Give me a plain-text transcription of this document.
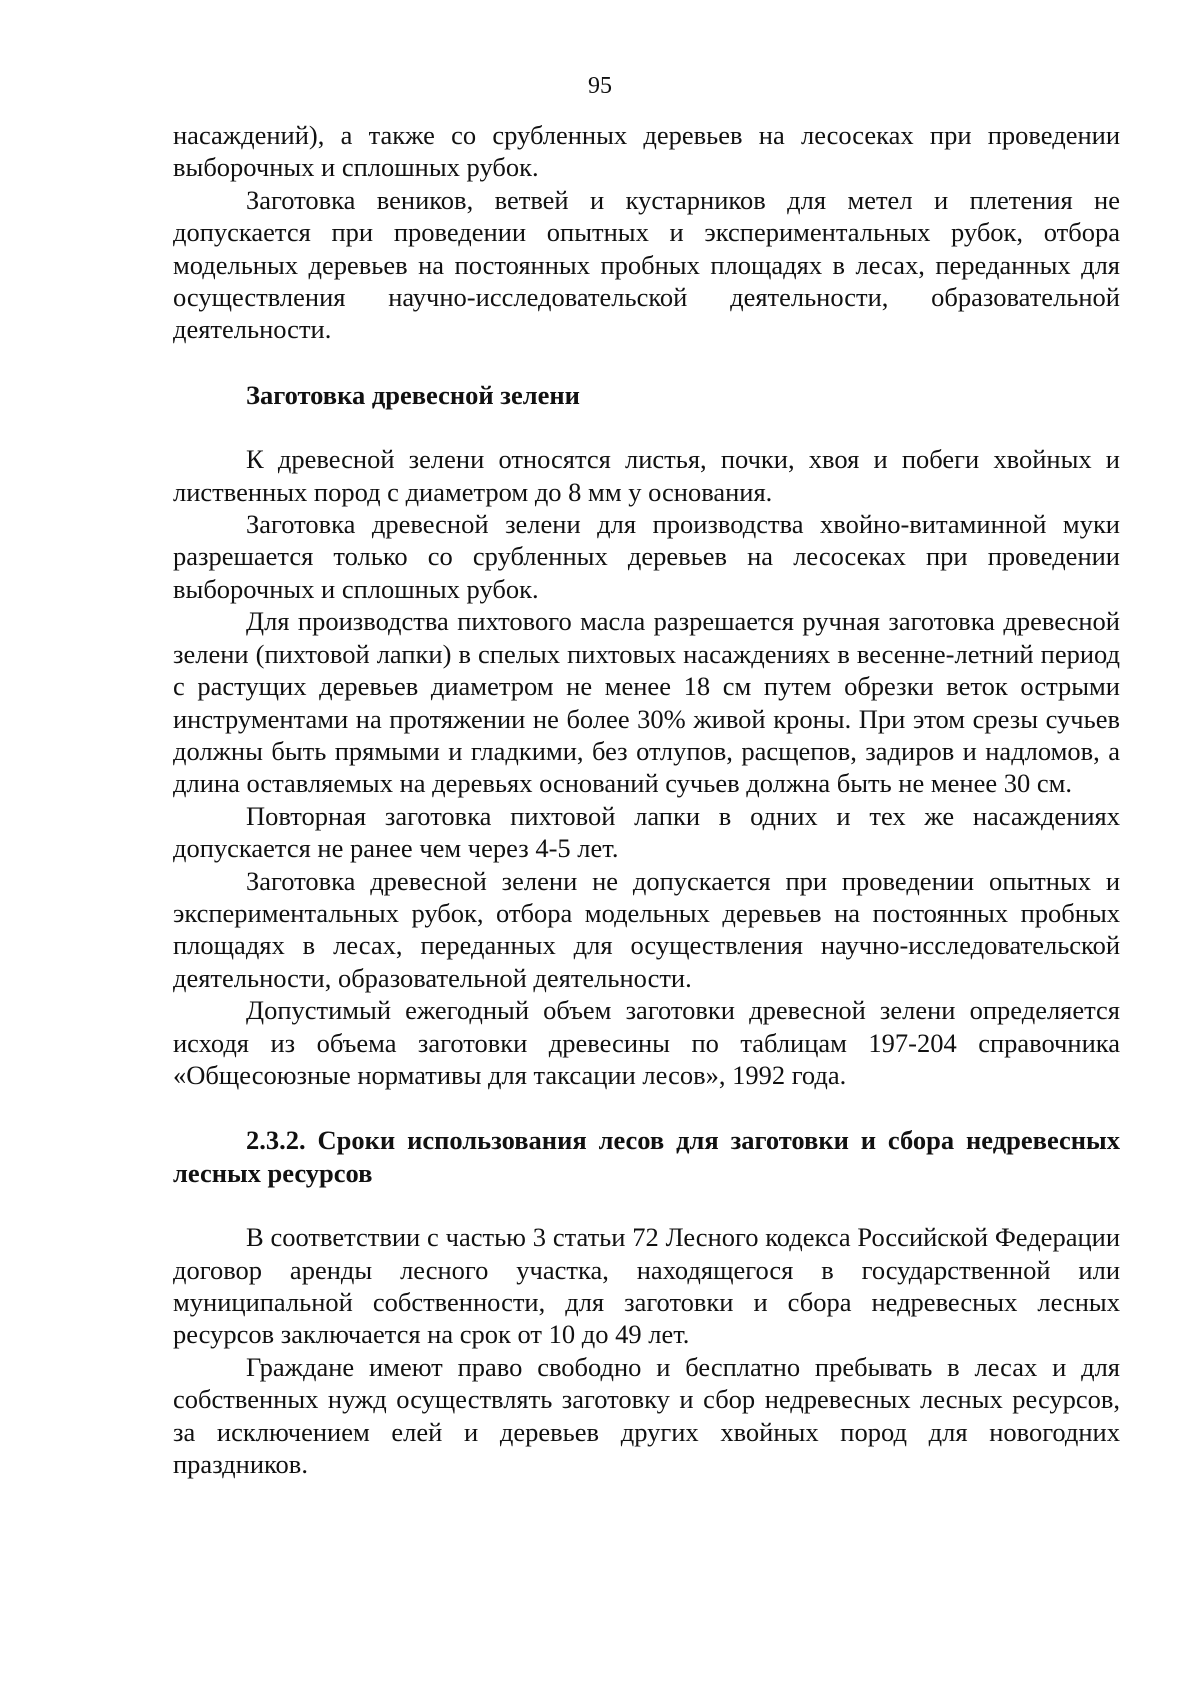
95

насаждений), а также со срубленных деревьев на лесосеках при проведении выборочных и сплошных рубок.

Заготовка веников, ветвей и кустарников для метел и плетения не допускается при проведении опытных и экспериментальных рубок, отбора модельных деревьев на постоянных пробных площадях в лесах, переданных для осуществления научно-исследовательской деятельности, образовательной деятельности.

Заготовка древесной зелени

К древесной зелени относятся листья, почки, хвоя и побеги хвойных и лиственных пород с диаметром до 8 мм у основания.

Заготовка древесной зелени для производства хвойно-витаминной муки разрешается только со срубленных деревьев на лесосеках при проведении выборочных и сплошных рубок.

Для производства пихтового масла разрешается ручная заготовка древесной зелени (пихтовой лапки) в спелых пихтовых насаждениях в весенне-летний период с растущих деревьев диаметром не менее 18 см путем обрезки веток острыми инструментами на протяжении не более 30% живой кроны. При этом срезы сучьев должны быть прямыми и гладкими, без отлупов, расщепов, задиров и надломов, а длина оставляемых на деревьях оснований сучьев должна быть не менее 30 см.

Повторная заготовка пихтовой лапки в одних и тех же насаждениях допускается не ранее чем через 4-5 лет.

Заготовка древесной зелени не допускается при проведении опытных и экспериментальных рубок, отбора модельных деревьев на постоянных пробных площадях в лесах, переданных для осуществления научно-исследовательской деятельности, образовательной деятельности.

Допустимый ежегодный объем заготовки древесной зелени определяется исходя из объема заготовки древесины по таблицам 197-204 справочника «Общесоюзные нормативы для таксации лесов», 1992 года.

2.3.2. Сроки использования лесов для заготовки и сбора недревесных лесных ресурсов

В соответствии с частью 3 статьи 72 Лесного кодекса Российской Федерации договор аренды лесного участка, находящегося в государственной или муниципальной собственности, для заготовки и сбора недревесных лесных ресурсов заключается на срок от 10 до 49 лет.

Граждане имеют право свободно и бесплатно пребывать в лесах и для собственных нужд осуществлять заготовку и сбор недревесных лесных ресурсов, за исключением елей и деревьев других хвойных пород для новогодних праздников.
